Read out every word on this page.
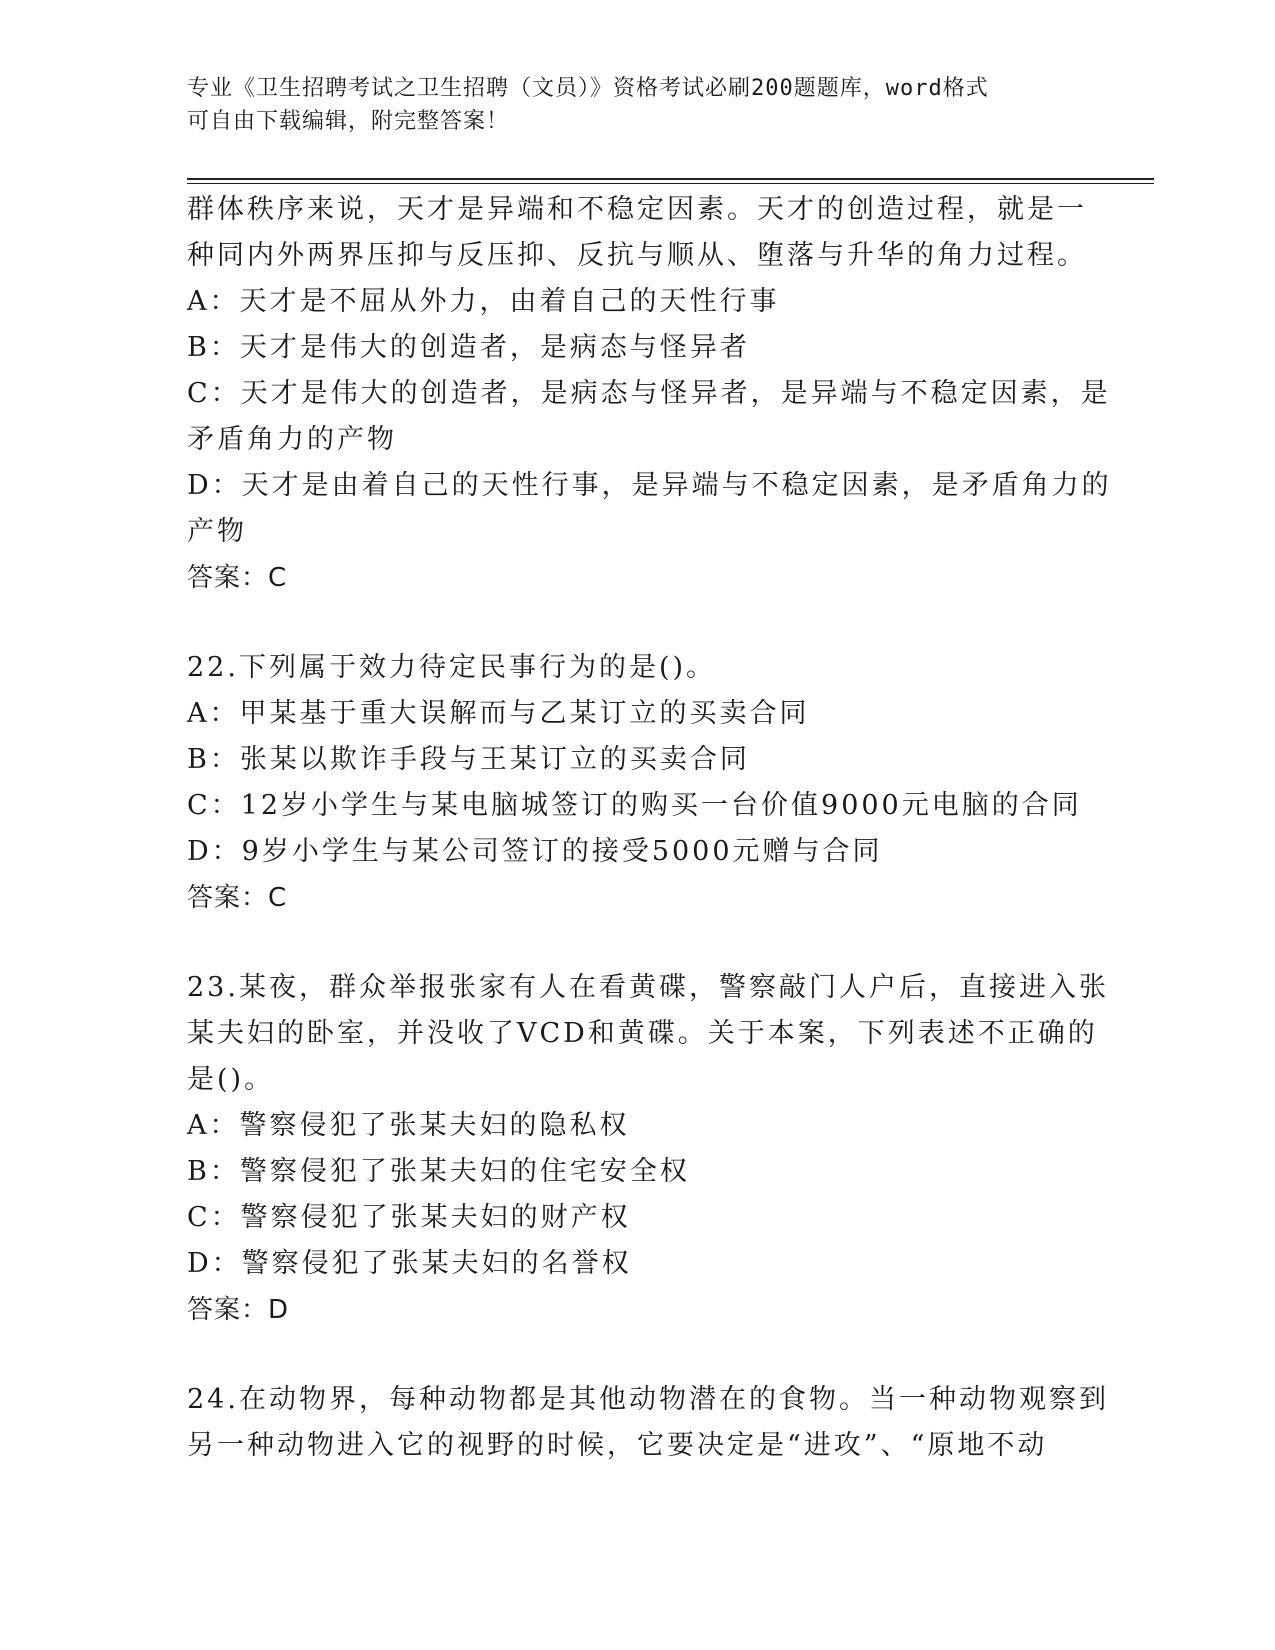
专业《卫生招聘考试之卫生招聘（文员）》资格考试必刷200题题库，word格式
可自由下载编辑，附完整答案！
群体秩序来说，天才是异端和不稳定因素。天才的创造过程，就是一
种同内外两界压抑与反压抑、反抗与顺从、堕落与升华的角力过程。
A：天才是不屈从外力，由着自己的天性行事
B：天才是伟大的创造者，是病态与怪异者
C：天才是伟大的创造者，是病态与怪异者，是异端与不稳定因素，是
矛盾角力的产物
D：天才是由着自己的天性行事，是异端与不稳定因素，是矛盾角力的
产物
答案：C
22.下列属于效力待定民事行为的是()。
A：甲某基于重大误解而与乙某订立的买卖合同
B：张某以欺诈手段与王某订立的买卖合同
C：12岁小学生与某电脑城签订的购买一台价值9000元电脑的合同
D：9岁小学生与某公司签订的接受5000元赠与合同
答案：C
23.某夜，群众举报张家有人在看黄碟，警察敲门人户后，直接进入张
某夫妇的卧室，并没收了VCD和黄碟。关于本案，下列表述不正确的
是()。
A：警察侵犯了张某夫妇的隐私权
B：警察侵犯了张某夫妇的住宅安全权
C：警察侵犯了张某夫妇的财产权
D：警察侵犯了张某夫妇的名誉权
答案：D
24.在动物界，每种动物都是其他动物潜在的食物。当一种动物观察到
另一种动物进入它的视野的时候，它要决定是“进攻”、“原地不动
